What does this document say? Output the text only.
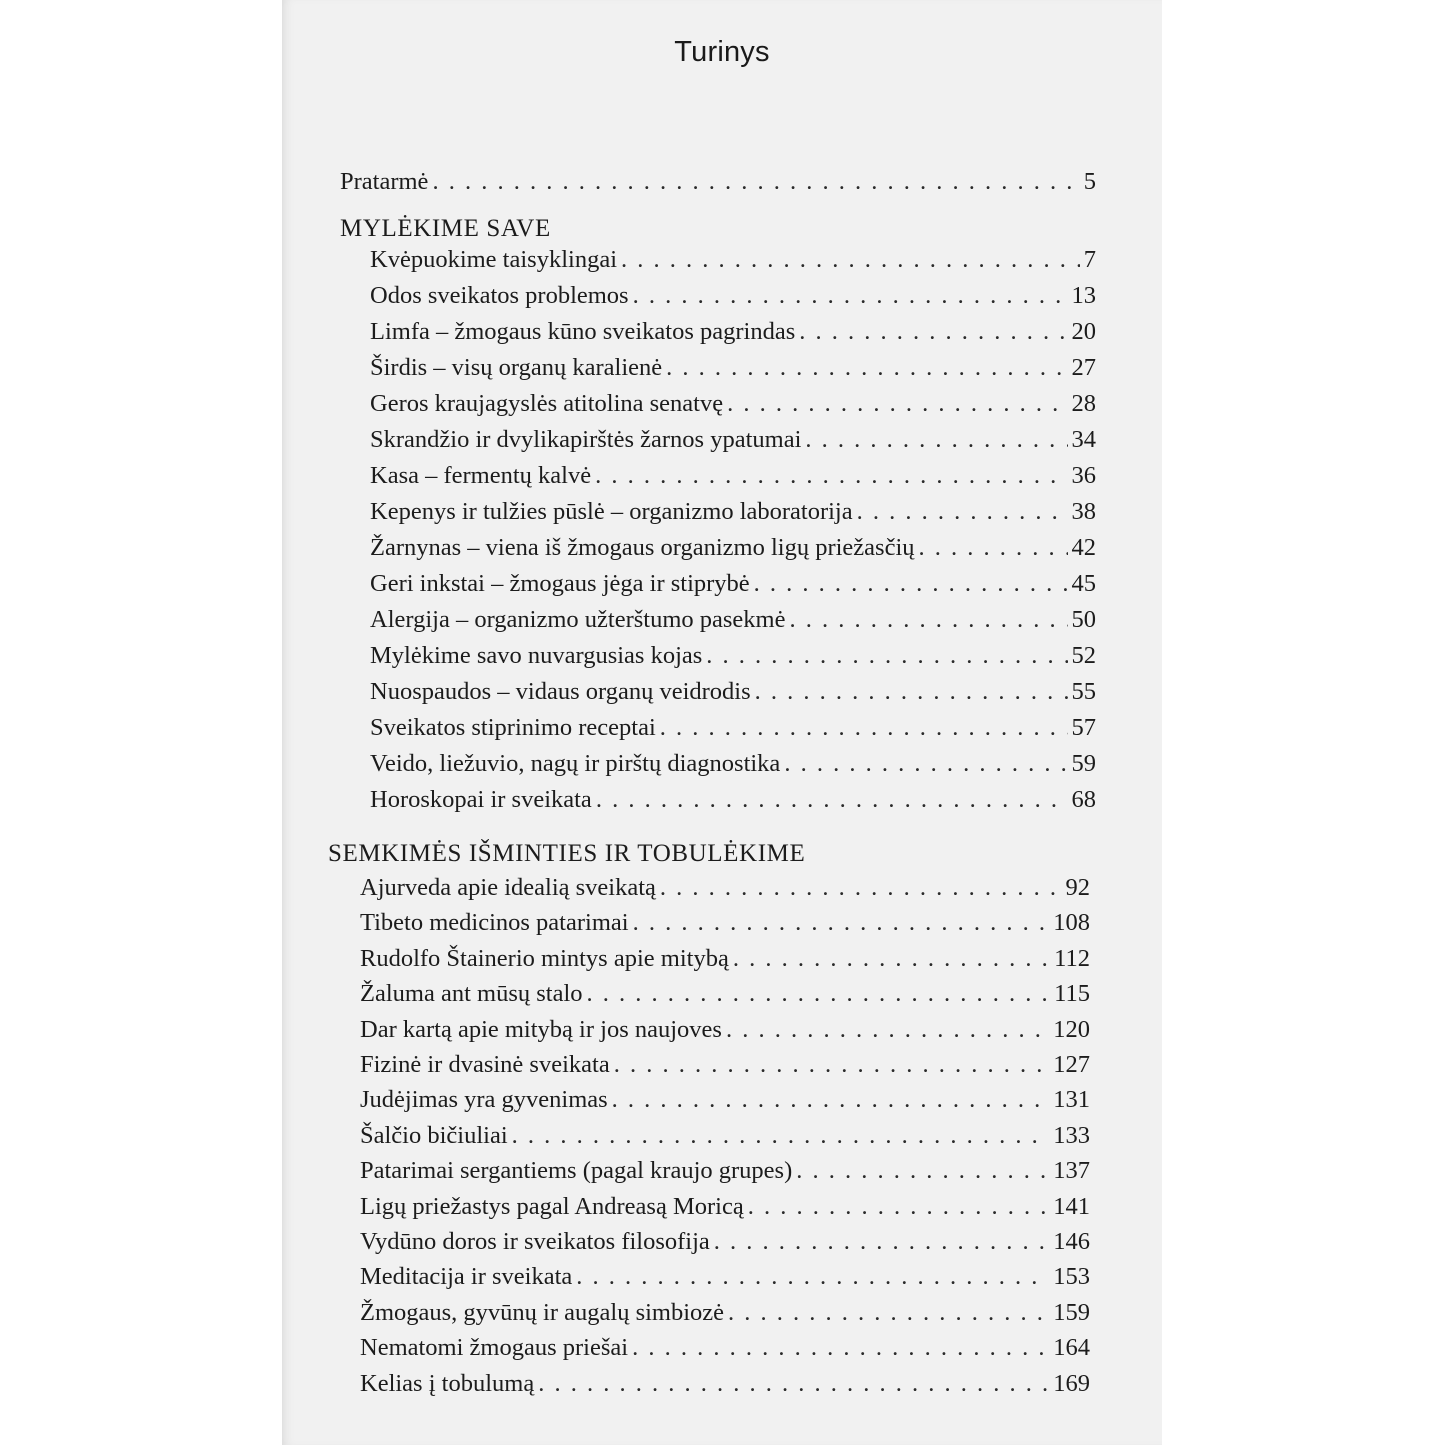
Turinys
Pratarmė . . .	5
MYLĖKIME SAVE
Kvėpuokime taisyklingai . . .	7
Odos sveikatos problemos . . .	13
Limfa – žmogaus kūno sveikatos pagrindas . . .	20
Širdis – visų organų karalienė . . .	27
Geros kraujagyslės atitolina senatvę . . .	28
Skrandžio ir dvylikapirštės žarnos ypatumai . . .	34
Kasa – fermentų kalvė . . .	36
Kepenys ir tulžies pūslė – organizmo laboratorija . . .	38
Žarnynas – viena iš žmogaus organizmo ligų priežasčių . . .	42
Geri inkstai – žmogaus jėga ir stiprybė . . .	45
Alergija – organizmo užterštumo pasekmė . . .	50
Mylėkime savo nuvargusias kojas . . .	52
Nuospaudos – vidaus organų veidrodis . . .	55
Sveikatos stiprinimo receptai . . .	57
Veido, liežuvio, nagų ir pirštų diagnostika . . .	59
Horoskopai ir sveikata . . .	68
SEMKIMĖS IŠMINTIES IR TOBULĖKIME
Ajurveda apie idealią sveikatą . . .	92
Tibeto medicinos patarimai . . .	108
Rudolfo Štainerio mintys apie mitybą . . .	112
Žaluma ant mūsų stalo . . .	115
Dar kartą apie mitybą ir jos naujoves . . .	120
Fizinė ir dvasinė sveikata . . .	127
Judėjimas yra gyvenimas . . .	131
Šalčio bičiuliai . . .	133
Patarimai sergantiems (pagal kraujo grupes) . . .	137
Ligų priežastys pagal Andreasą Moricą . . .	141
Vydūno doros ir sveikatos filosofija . . .	146
Meditacija ir sveikata . . .	153
Žmogaus, gyvūnų ir augalų simbiozė . . .	159
Nematomi žmogaus priešai . . .	164
Kelias į tobulumą . . .	169
